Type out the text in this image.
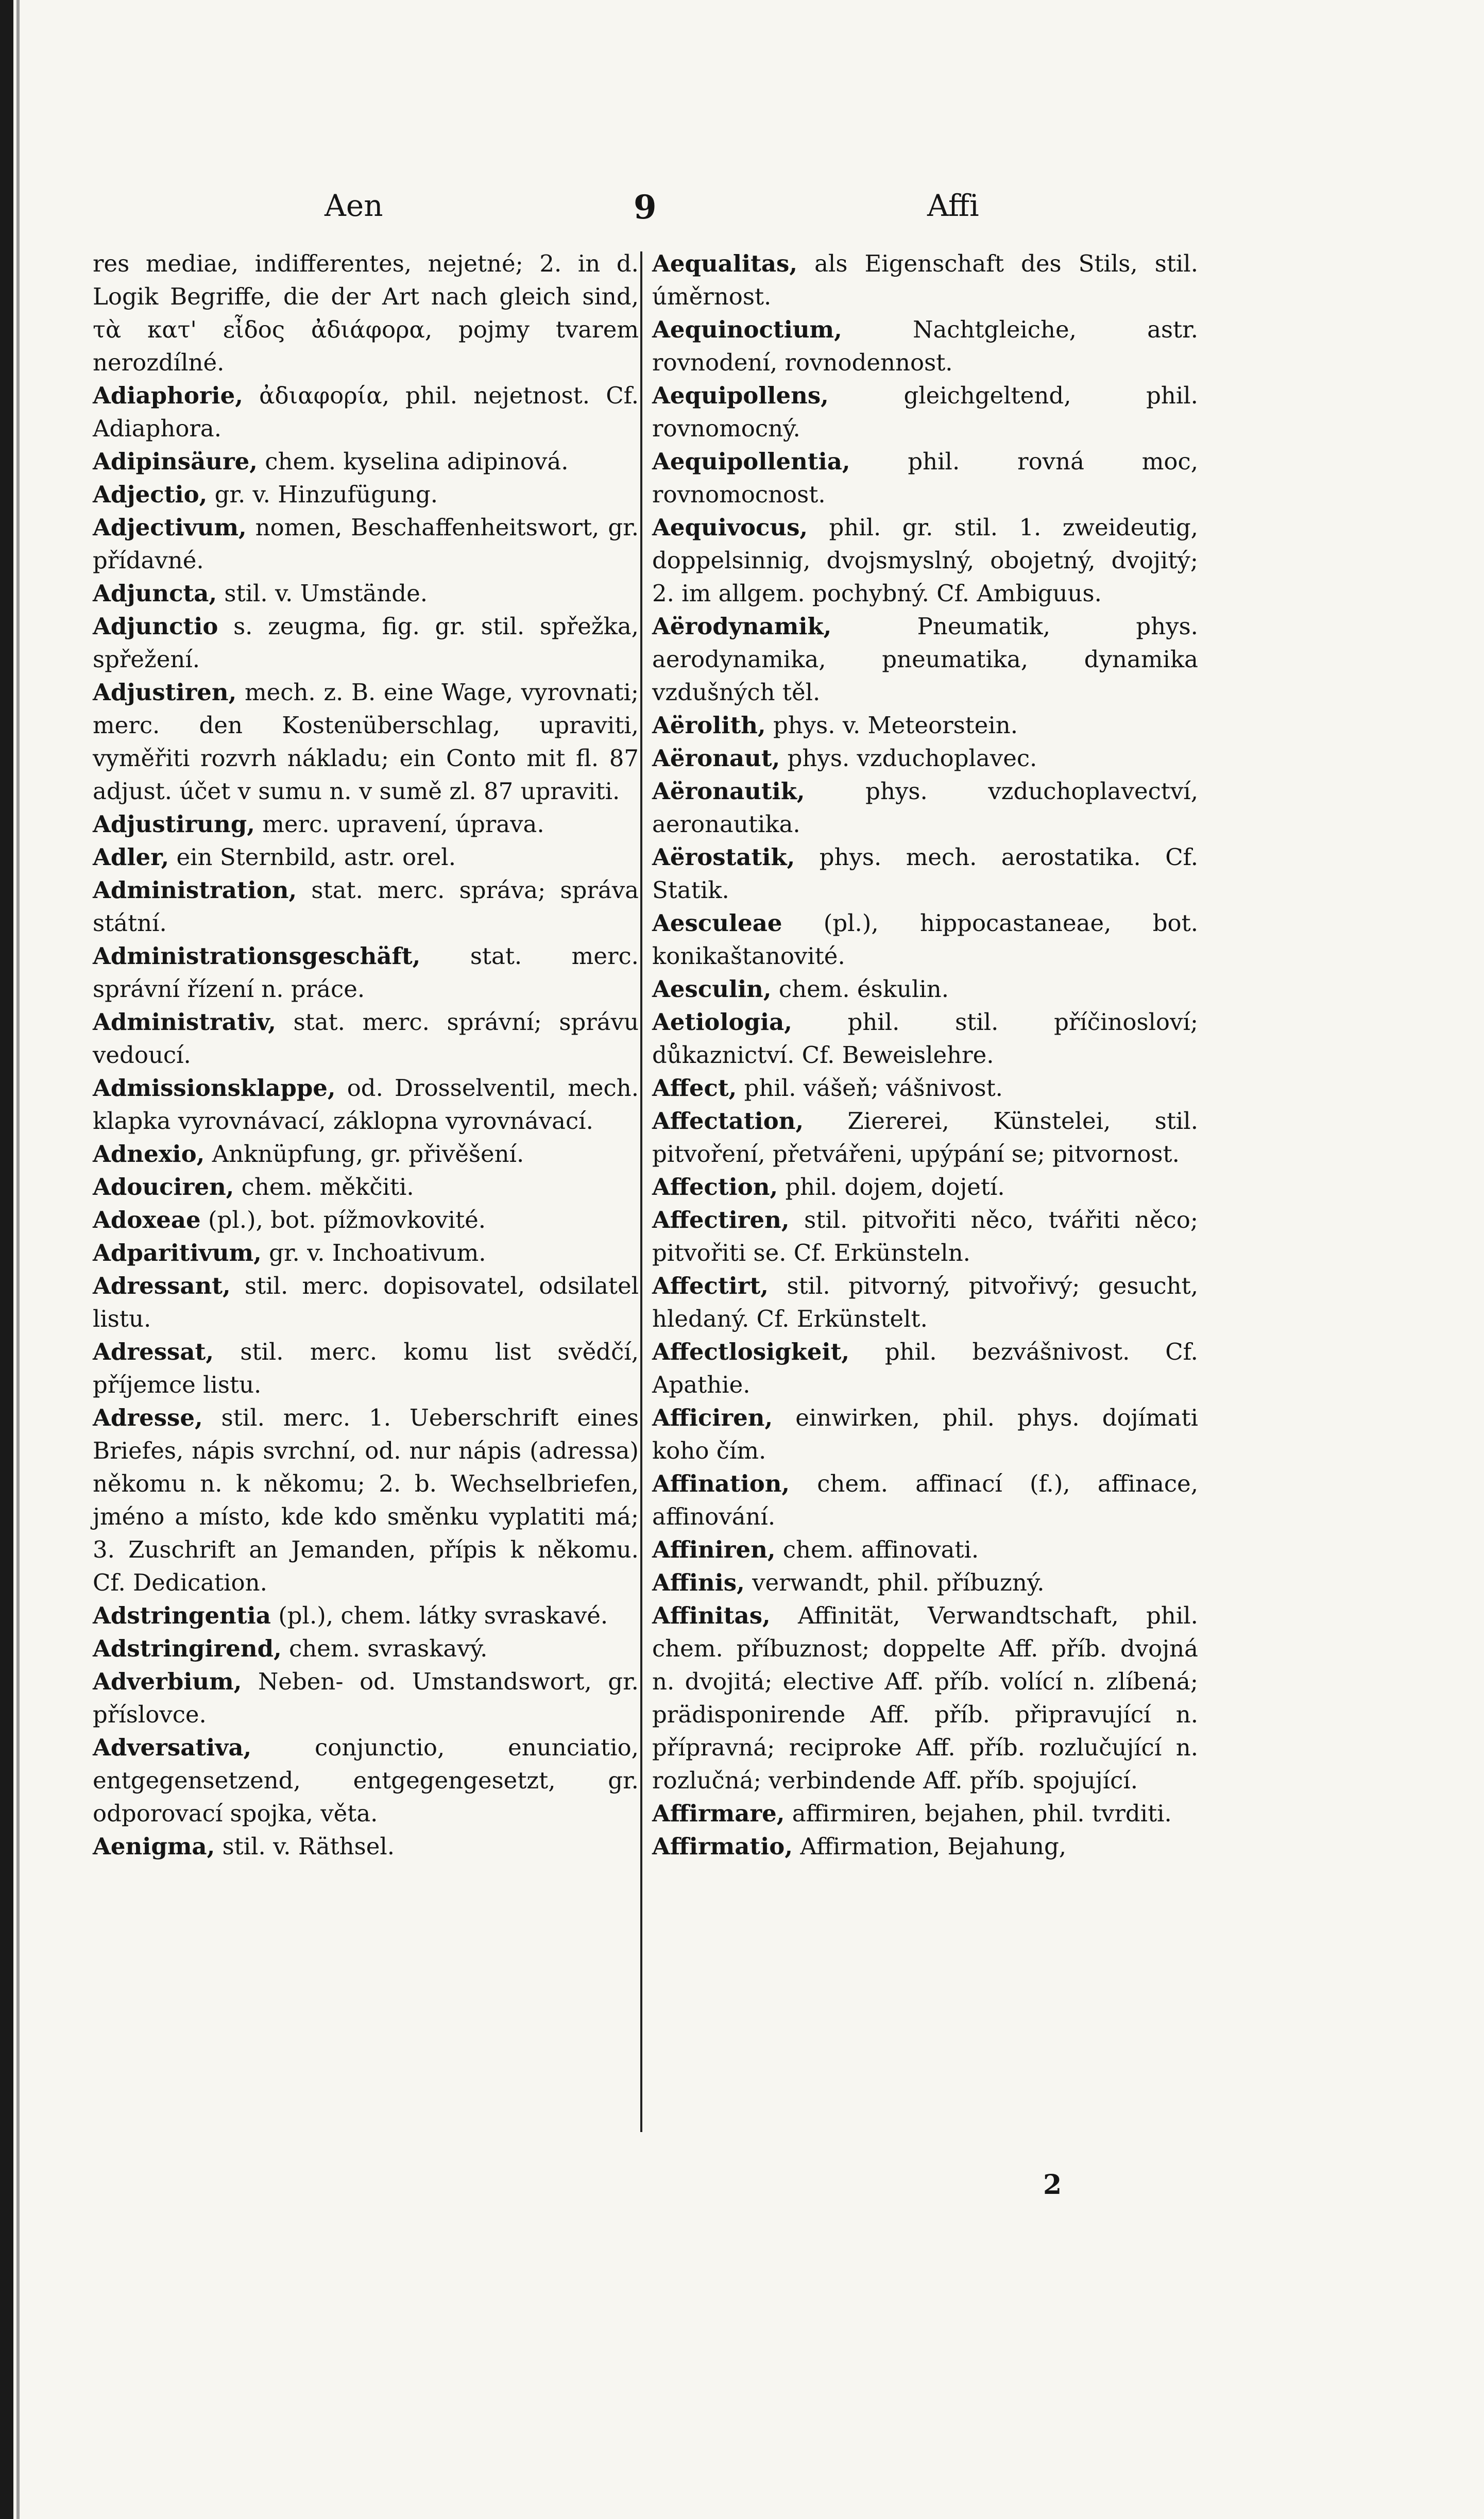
Aen	9	Affi

res mediae, indifferentes, nejetné; 2. in d. Logik Begriffe, die der Art nach gleich sind, τὰ κατ' εἶδος ἀδιάφορα, pojmy tvarem nerozdílné.

Adiaphorie, ἀδιαφορία, phil. nejetnost. Cf. Adiaphora.

Adipinsäure, chem. kyselina adipinová.

Adjectio, gr. v. Hinzufügung.

Adjectivum, nomen, Beschaffenheitswort, gr. přídavné.

Adjuncta, stil. v. Umstände.

Adjunctio s. zeugma, fig. gr. stil. spřežka, spřežení.

Adjustiren, mech. z. B. eine Wage, vyrovnati; merc. den Kostenüberschlag, upraviti, vyměřiti rozvrh nákladu; ein Conto mit fl. 87 adjust. účet v sumu n. v sumě zl. 87 upraviti.

Adjustirung, merc. upravení, úprava.

Adler, ein Sternbild, astr. orel.

Administration, stat. merc. správa; správa státní.

Administrationsgeschäft, stat. merc. správní řízení n. práce.

Administrativ, stat. merc. správní; správu vedoucí.

Admissionsklappe, od. Drosselventil, mech. klapka vyrovnávací, záklopna vyrovnávací.

Adnexio, Anknüpfung, gr. přivěšení.

Adouciren, chem. měkčiti.

Adoxeae (pl.), bot. pížmovkovité.

Adparitivum, gr. v. Inchoativum.

Adressant, stil. merc. dopisovatel, odsilatel listu.

Adressat, stil. merc. komu list svědčí, příjemce listu.

Adresse, stil. merc. 1. Ueberschrift eines Briefes, nápis svrchní, od. nur nápis (adressa) někomu n. k někomu; 2. b. Wechselbriefen, jméno a místo, kde kdo směnku vyplatiti má; 3. Zuschrift an Jemanden, přípis k někomu. Cf. Dedication.

Adstringentia (pl.), chem. látky svraskavé.

Adstringirend, chem. svraskavý.

Adverbium, Neben- od. Umstandswort, gr. příslovce.

Adversativa,	conjunctio, enunciatio, entgegensetzend, entgegengesetzt, gr. odporovací spojka, věta.

Aenigma, stil. v. Räthsel.

Aequalitas, als Eigenschaft des Stils, stil. úměrnost.

Aequinoctium,	Nachtgleiche, astr. rovnodení, rovnodennost.

Aequipollens,	gleichgeltend, phil. rovnomocný.

Aequipollentia, phil. rovná moc, rovnomocnost.

Aequivocus, phil. gr. stil. 1. zweideutig, doppelsinnig, dvojsmyslný, obojetný, dvojitý; 2. im allgem. pochybný. Cf. Ambiguus.

Aërodynamik,	Pneumatik, phys. aerodynamika, pneumatika, dynamika vzdušných těl.

Aërolith, phys. v. Meteorstein.

Aëronaut, phys. vzduchoplavec.

Aëronautik,	phys. vzduchoplavectví, aeronautika.

Aërostatik, phys. mech. aerostatika. Cf. Statik.

Aesculeae (pl.), hippocastaneae, bot. konikaštanovité.

Aesculin, chem. éskulin.

Aetiologia, phil. stil. příčinosloví; důkaznictví. Cf. Beweislehre.

Affect, phil. vášeň; vášnivost.

Affectation, Ziererei, Künstelei, stil. pitvoření, přetvářeni, upýpání se; pitvornost.

Affection, phil. dojem, dojetí.

Affectiren, stil. pitvořiti něco, tvářiti něco; pitvořiti se. Cf. Erkünsteln.

Affectirt, stil. pitvorný, pitvořivý; gesucht, hledaný. Cf. Erkünstelt.

Affectlosigkeit, phil. bezvášnivost. Cf. Apathie.

Afficiren, einwirken, phil. phys. dojímati koho čím.

Affination, chem. affinací (f.), affinace, affinování.

Affiniren, chem. affinovati.

Affinis, verwandt, phil. příbuzný.

Affinitas, Affinität, Verwandtschaft, phil. chem. příbuznost; doppelte Aff. příb. dvojná n. dvojitá; elective Aff. příb. volící n. zlíbená; prädisponirende Aff. příb. připravující n. přípravná; reciproke Aff. příb. rozlučující n. rozlučná; verbindende Aff. příb. spojující.

Affirmare, affirmiren, bejahen, phil. tvrditi.

Affirmatio, Affirmation, Bejahung,

2
